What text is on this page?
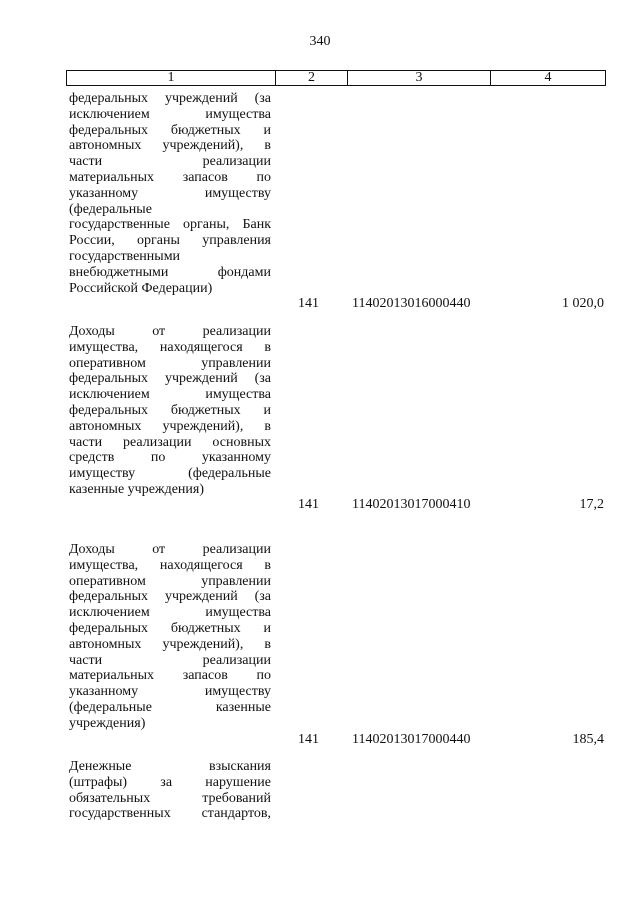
340
1	2	3	4
федеральных учреждений (за
исключением имущества
федеральных бюджетных и
автономных учреждений), в
части реализации
материальных запасов по
указанному имуществу
(федеральные
государственные органы, Банк
России, органы управления
государственными
внебюджетными фондами
Российской Федерации)
141	11402013016000440	1 020,0
Доходы от реализации
имущества, находящегося в
оперативном управлении
федеральных учреждений (за
исключением имущества
федеральных бюджетных и
автономных учреждений), в
части реализации основных
средств по указанному
имуществу (федеральные
казенные учреждения)
141	11402013017000410	17,2
Доходы от реализации
имущества, находящегося в
оперативном управлении
федеральных учреждений (за
исключением имущества
федеральных бюджетных и
автономных учреждений), в
части реализации
материальных запасов по
указанному имуществу
(федеральные казенные
учреждения)
141	11402013017000440	185,4
Денежные взыскания
(штрафы) за нарушение
обязательных требований
государственных стандартов,
